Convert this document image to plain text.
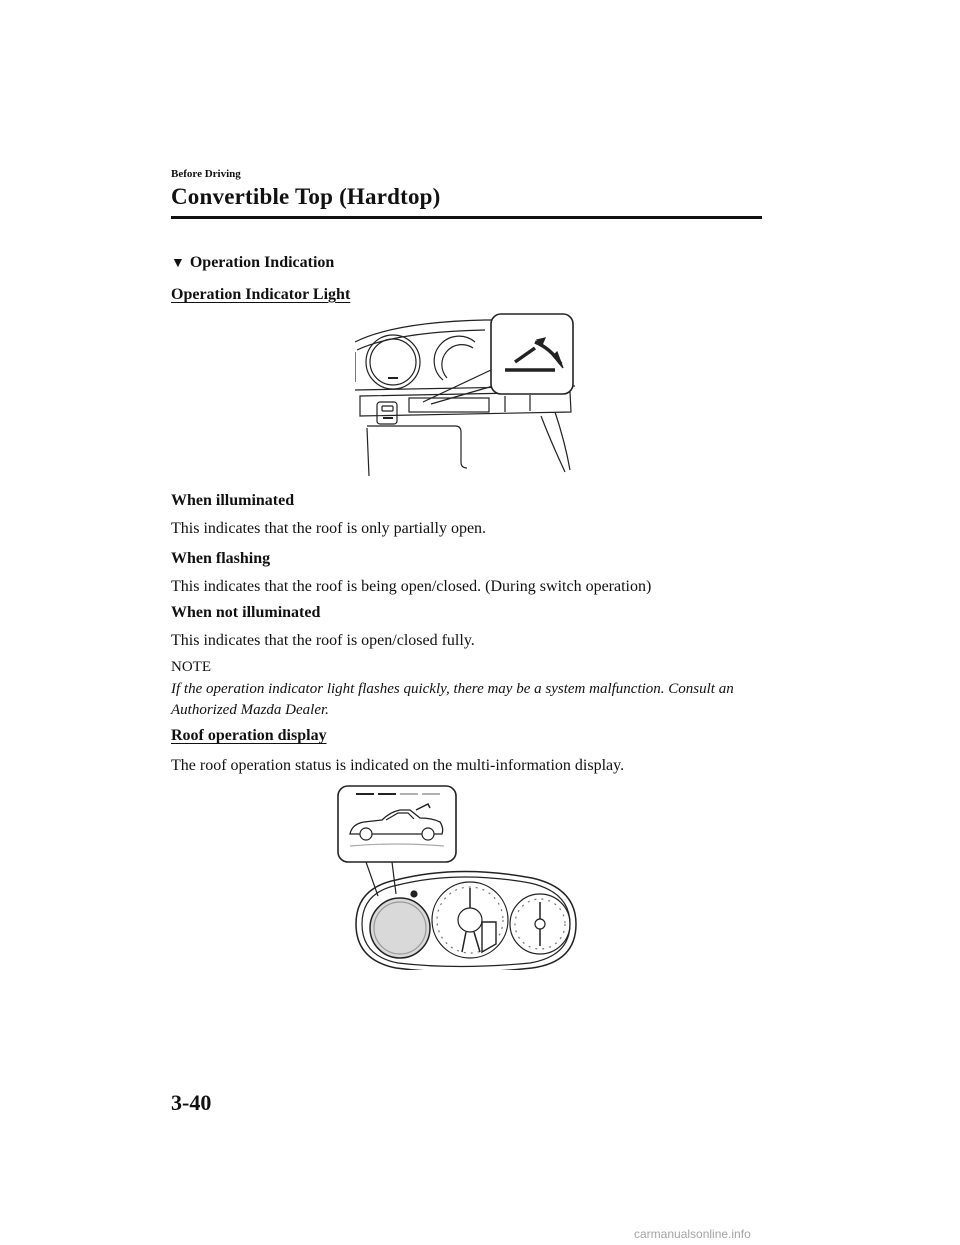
Before Driving
Convertible Top (Hardtop)
▼ Operation Indication
Operation Indicator Light
When illuminated
This indicates that the roof is only partially open.
When flashing
This indicates that the roof is being open/closed. (During switch operation)
When not illuminated
This indicates that the roof is open/closed fully.
NOTE
If the operation indicator light flashes quickly, there may be a system malfunction. Consult an Authorized Mazda Dealer.
Roof operation display
The roof operation status is indicated on the multi-information display.
3-40
carmanualsonline.info
